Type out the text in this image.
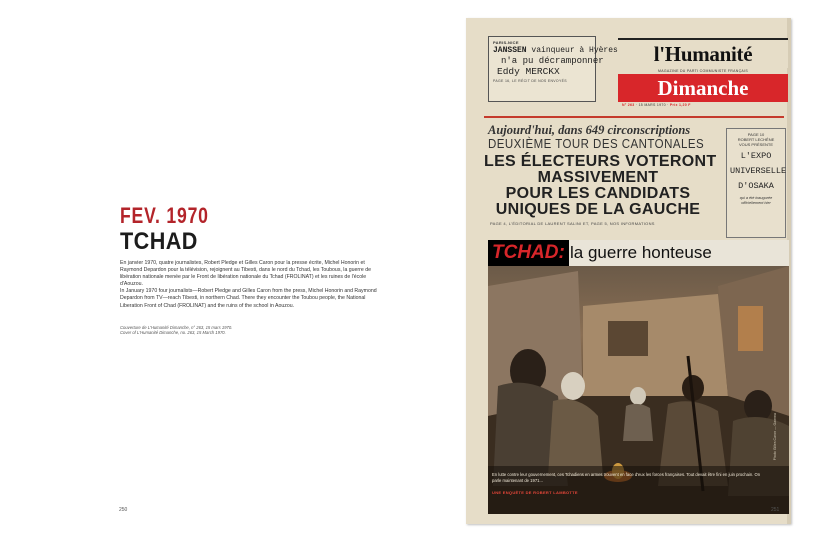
FEV. 1970
TCHAD

En janvier 1970, quatre journalistes, Robert Pledge et Gilles Caron pour la presse écrite, Michel Honorin et Raymond Depardon pour la télévision, rejoignent au Tibesti, dans le nord du Tchad, les Toubous, la guerre de libération nationale menée par le Front de libération nationale du Tchad (FROLINAT) et les ruines de l'école d'Aouzou.

In January 1970 four journalists—Robert Pledge and Gilles Caron from the press, Michel Honorin and Raymond Depardon from TV—reach Tibesti, in northern Chad. There they encounter the Toubou people, the National Liberation Front of Chad (FROLINAT) and the ruins of the school in Aouzou.

Couverture de L'Humanité Dimanche, n° 263, 15 mars 1970.
Cover of L'Humanité Dimanche, no. 263, 15 March 1970.
250
PARIS-NICE
JANSSEN vainqueur à Hyères
n'a pu décramponner
Eddy MERCKX
PAGE 16, LE RÉCIT DE NOS ENVOYÉS
l'Humanité
MAGAZINE DU PARTI COMMUNISTE FRANÇAIS
Dimanche
N° 263 · 15 MARS 1970 · Prix 1,20 F
Aujourd'hui, dans 649 circonscriptions
DEUXIÈME TOUR DES CANTONALES
LES ÉLECTEURS VOTERONT
MASSIVEMENT
POUR LES CANDIDATS
UNIQUES DE LA GAUCHE
PAGE 4, L'ÉDITORIAL DE LAURENT SALINI ET, PAGE 5, NOS INFORMATIONS
PAGE 10
ROBERT LECHÊNE
VOUS PRÉSENTE
L'EXPO
UNIVERSELLE
D'OSAKA
qui a été inaugurée officiellement hier
TCHAD: la guerre honteuse
Photo Gilles Caron — Gamma
En lutte contre leur gouvernement, ces Tchadiens en armes trouvent en face d'eux les forces françaises. Tout devait être fini en juin prochain. On parle maintenant de 1971...
UNE ENQUÊTE DE ROBERT LAMBOTTE
251
